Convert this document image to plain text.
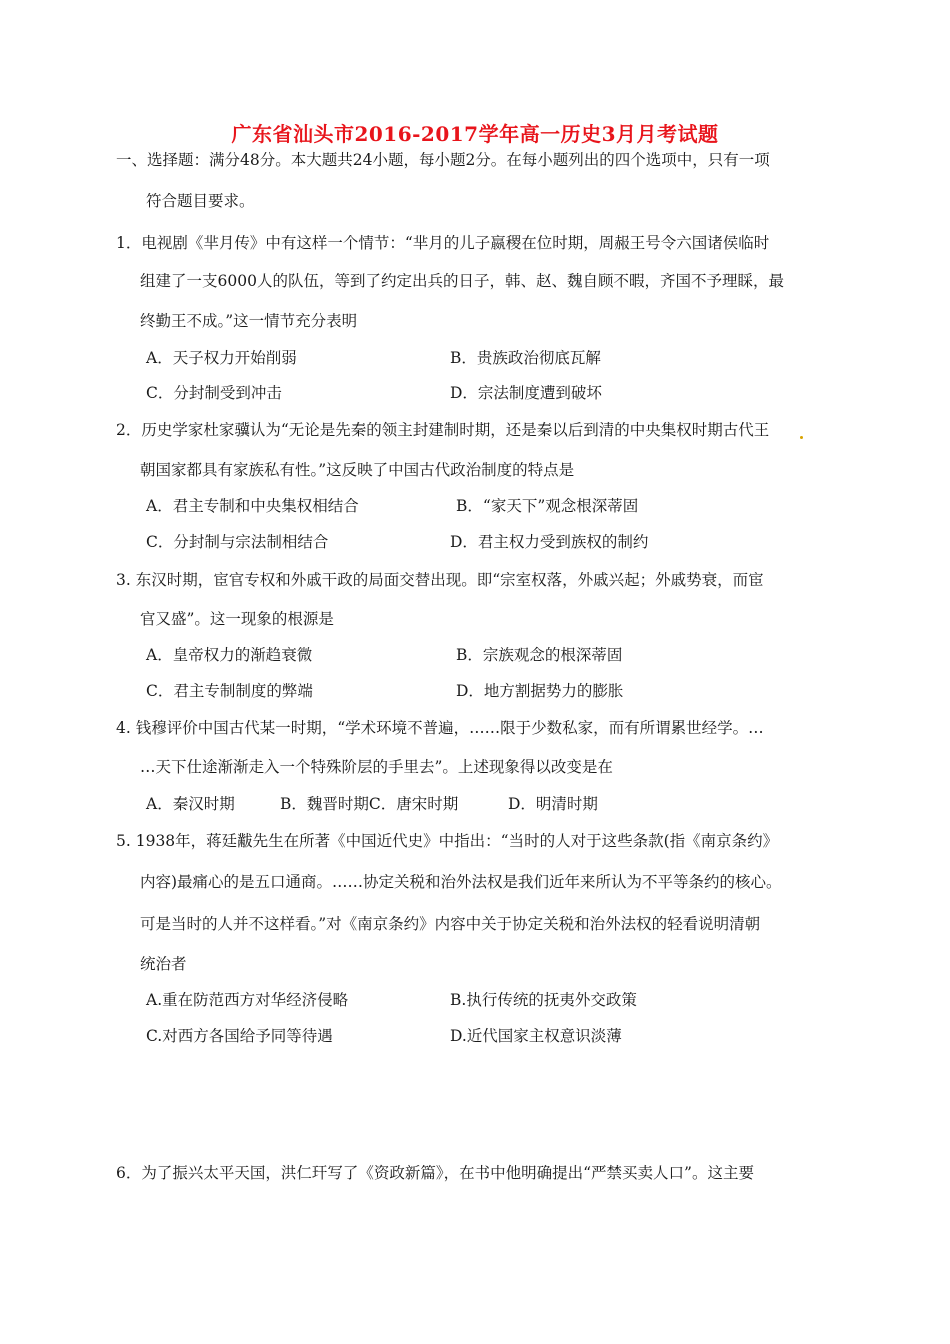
广东省汕头市2016-2017学年高一历史3月月考试题
一、选择题：满分48分。本大题共24小题，每小题2分。在每小题列出的四个选项中，只有一项
符合题目要求。
1．电视剧《芈月传》中有这样一个情节：“芈月的儿子嬴稷在位时期，周赧王号令六国诸侯临时
组建了一支6000人的队伍，等到了约定出兵的日子，韩、赵、魏自顾不暇，齐国不予理睬，最
终勤王不成。”这一情节充分表明
A．天子权力开始削弱	B．贵族政治彻底瓦解
C．分封制受到冲击	D．宗法制度遭到破坏
2．历史学家杜家骥认为“无论是先秦的领主封建制时期，还是秦以后到清的中央集权时期古代王
朝国家都具有家族私有性。”这反映了中国古代政治制度的特点是
A．君主专制和中央集权相结合	B．“家天下”观念根深蒂固
C．分封制与宗法制相结合	D．君主权力受到族权的制约
3. 东汉时期，宦官专权和外戚干政的局面交替出现。即“宗室权落，外戚兴起；外戚势衰，而宦
官又盛”。这一现象的根源是
A．皇帝权力的渐趋衰微	B．宗族观念的根深蒂固
C．君主专制制度的弊端	D．地方割据势力的膨胀
4. 钱穆评价中国古代某一时期，“学术环境不普遍，……限于少数私家，而有所谓累世经学。…
…天下仕途渐渐走入一个特殊阶层的手里去”。上述现象得以改变是在
A．秦汉时期	B．魏晋时期C．唐宋时期	D．明清时期
5. 1938年，蒋廷黻先生在所著《中国近代史》中指出：“当时的人对于这些条款(指《南京条约》
内容)最痛心的是五口通商。……协定关税和治外法权是我们近年来所认为不平等条约的核心。
可是当时的人并不这样看。”对《南京条约》内容中关于协定关税和治外法权的轻看说明清朝
统治者
A.重在防范西方对华经济侵略	B.执行传统的抚夷外交政策
C.对西方各国给予同等待遇	D.近代国家主权意识淡薄
6．为了振兴太平天国，洪仁玕写了《资政新篇》，在书中他明确提出“严禁买卖人口”。这主要
